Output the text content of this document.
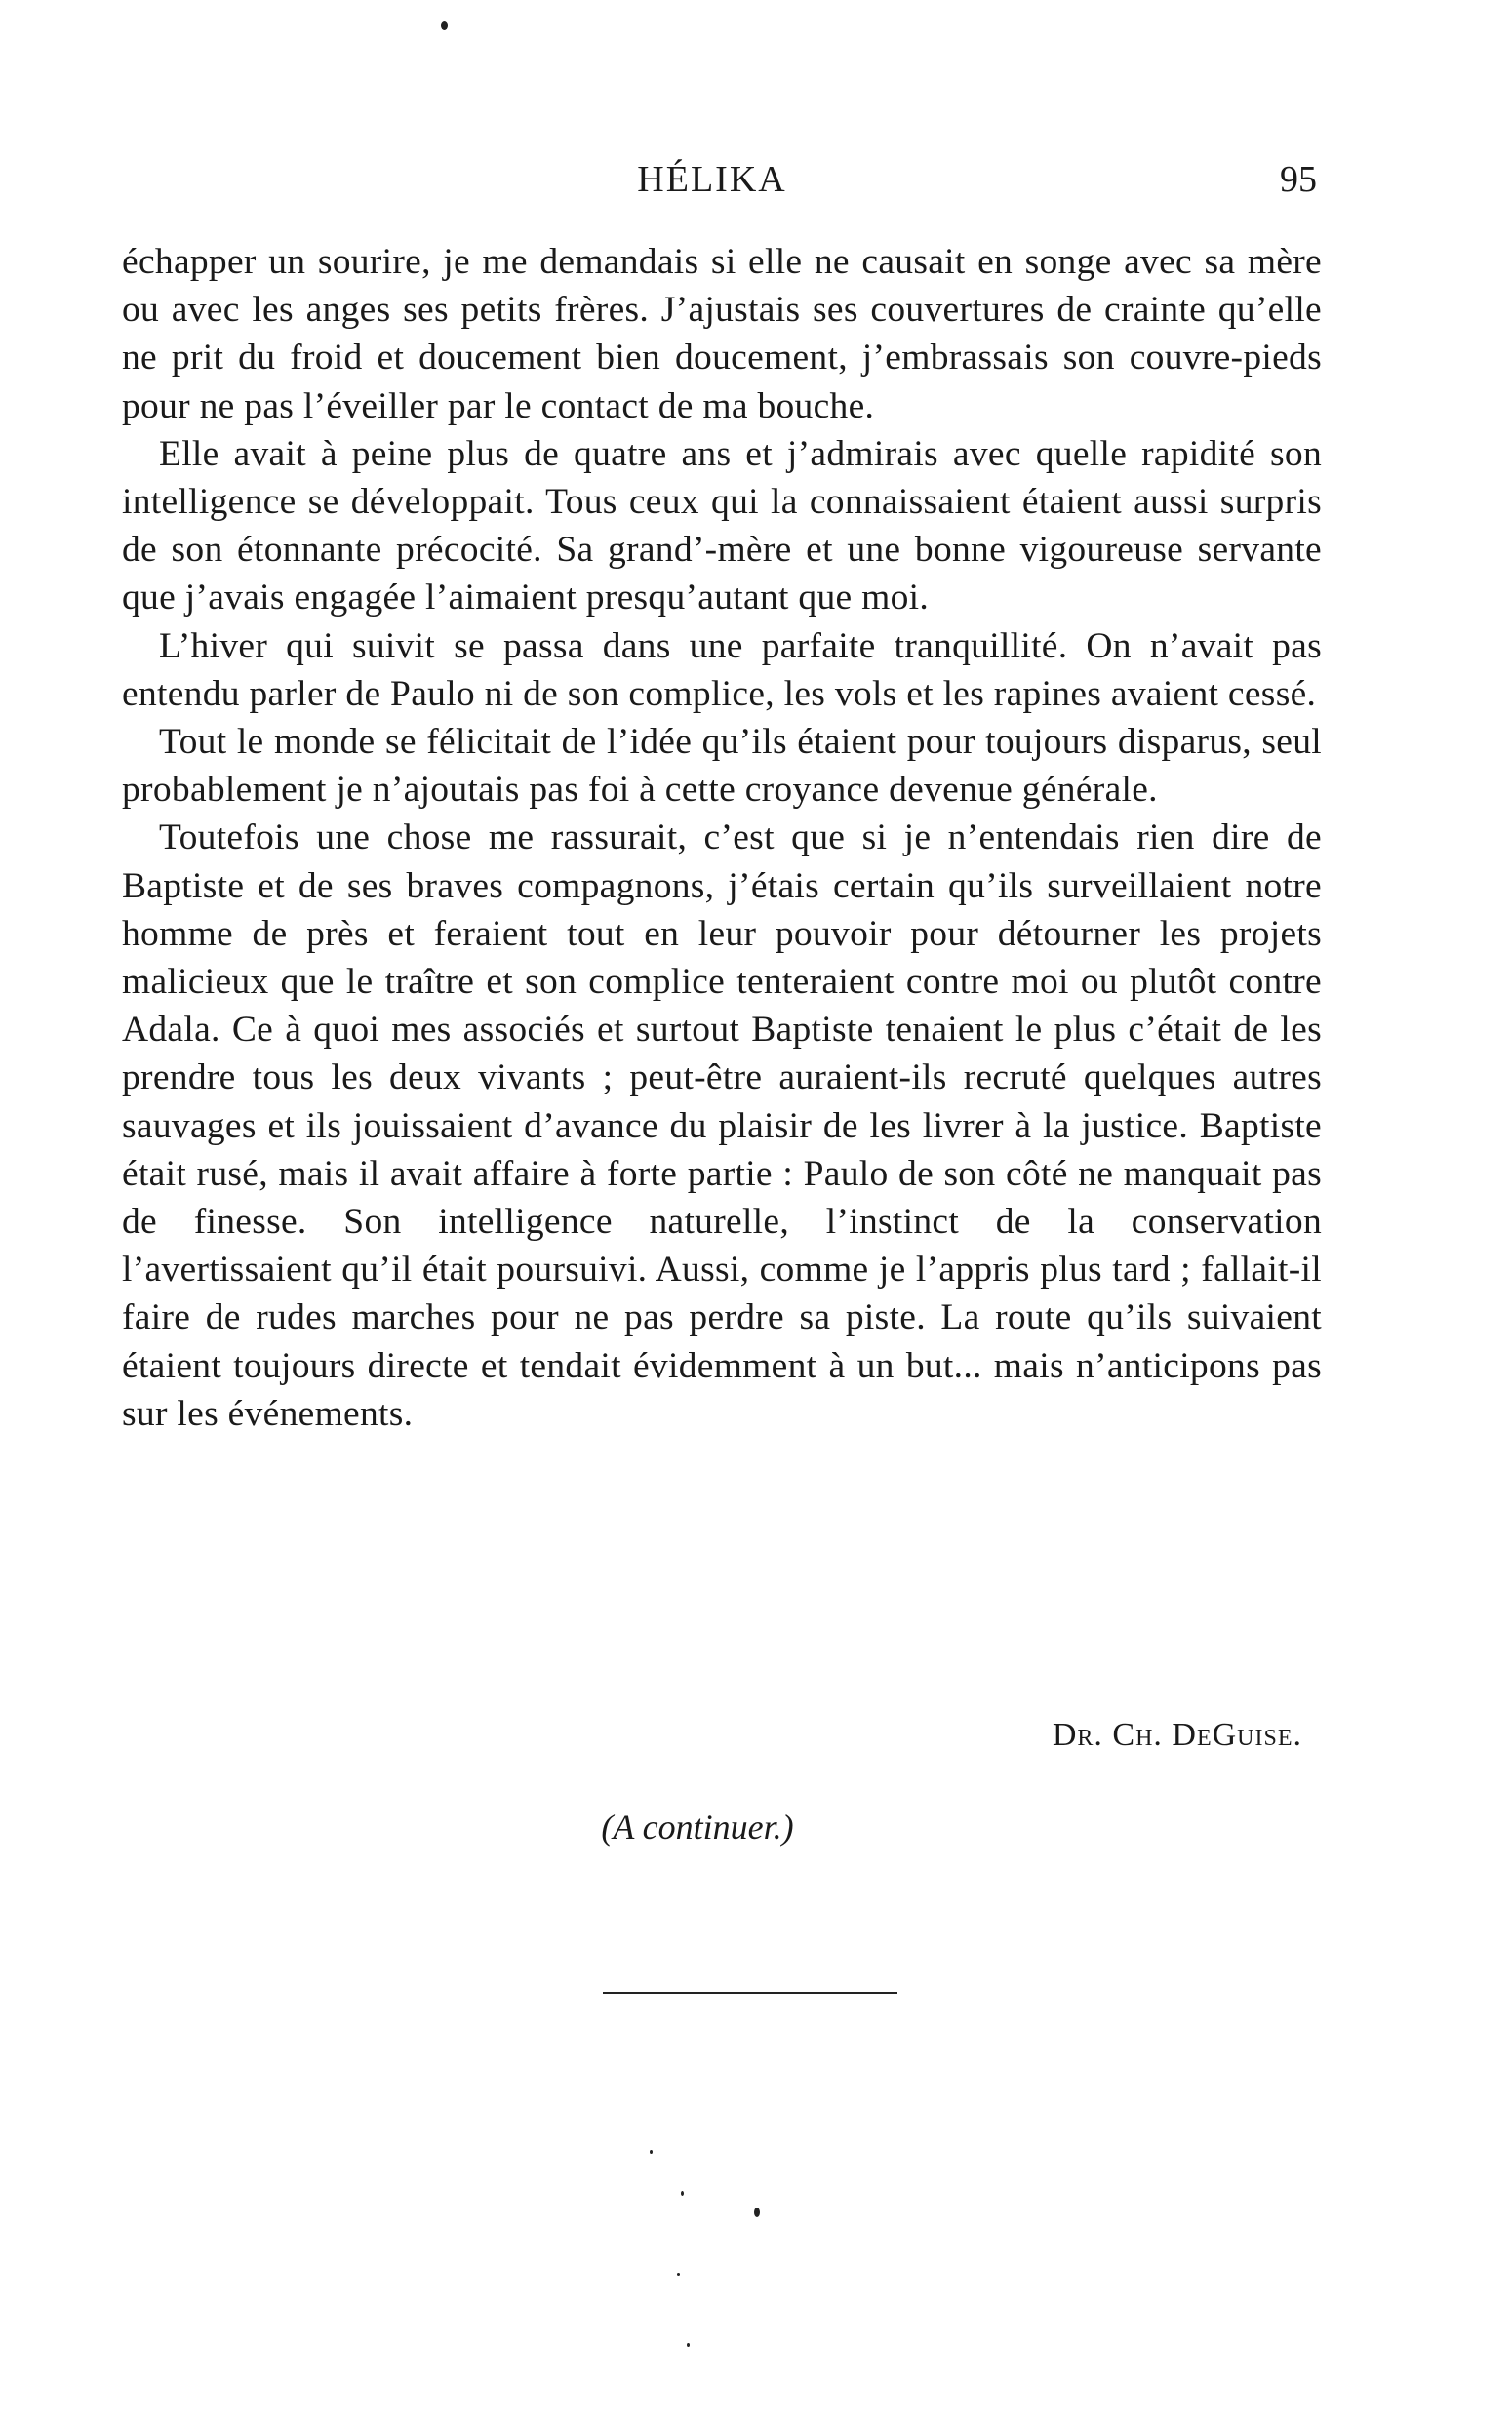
HÉLIKA	95

échapper un sourire, je me demandais si elle ne causait en songe avec sa mère ou avec les anges ses petits frères. J’ajustais ses couvertures de crainte qu’elle ne prit du froid et doucement bien doucement, j’embrassais son couvre-pieds pour ne pas l’éveiller par le contact de ma bouche.

Elle avait à peine plus de quatre ans et j’admirais avec quelle rapidité son intelligence se développait. Tous ceux qui la connaissaient étaient aussi surpris de son étonnante précocité. Sa grand’-mère et une bonne vigoureuse servante que j’avais engagée l’aimaient presqu’autant que moi.

L’hiver qui suivit se passa dans une parfaite tranquillité. On n’avait pas entendu parler de Paulo ni de son complice, les vols et les rapines avaient cessé.

Tout le monde se félicitait de l’idée qu’ils étaient pour toujours disparus, seul probablement je n’ajoutais pas foi à cette croyance devenue générale.

Toutefois une chose me rassurait, c’est que si je n’entendais rien dire de Baptiste et de ses braves compagnons, j’étais certain qu’ils surveillaient notre homme de près et feraient tout en leur pouvoir pour détourner les projets malicieux que le traître et son complice tenteraient contre moi ou plutôt contre Adala. Ce à quoi mes associés et surtout Baptiste tenaient le plus c’était de les prendre tous les deux vivants ; peut-être auraient-ils recruté quelques autres sauvages et ils jouissaient d’avance du plaisir de les livrer à la justice. Baptiste était rusé, mais il avait affaire à forte partie : Paulo de son côté ne manquait pas de finesse. Son intelligence naturelle, l’instinct de la conservation l’avertissaient qu’il était poursuivi. Aussi, comme je l’appris plus tard ; fallait-il faire de rudes marches pour ne pas perdre sa piste. La route qu’ils suivaient étaient toujours directe et tendait évidemment à un but... mais n’anticipons pas sur les événements.

Dr. Ch. DeGuise.
(A continuer.)
